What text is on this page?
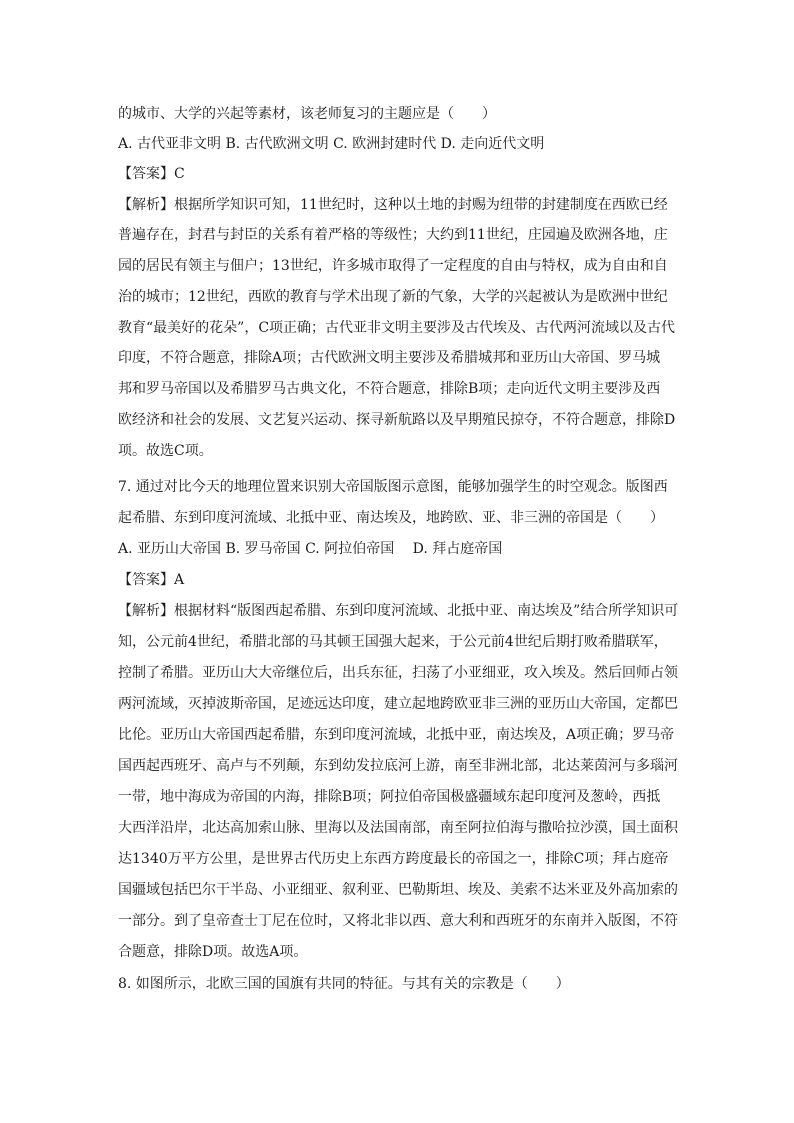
的城市、大学的兴起等素材，该老师复习的主题应是（　　）
A. 古代亚非文明 B. 古代欧洲文明 C. 欧洲封建时代 D. 走向近代文明
【答案】C
【解析】根据所学知识可知，11世纪时，这种以土地的封赐为纽带的封建制度在西欧已经
普遍存在，封君与封臣的关系有着严格的等级性；大约到11世纪，庄园遍及欧洲各地，庄
园的居民有领主与佃户；13世纪，许多城市取得了一定程度的自由与特权，成为自由和自
治的城市；12世纪，西欧的教育与学术出现了新的气象，大学的兴起被认为是欧洲中世纪
教育“最美好的花朵”，C项正确；古代亚非文明主要涉及古代埃及、古代两河流域以及古代
印度，不符合题意，排除A项；古代欧洲文明主要涉及希腊城邦和亚历山大帝国、罗马城
邦和罗马帝国以及希腊罗马古典文化，不符合题意，排除B项；走向近代文明主要涉及西
欧经济和社会的发展、文艺复兴运动、探寻新航路以及早期殖民掠夺，不符合题意，排除D
项。故选C项。
7. 通过对比今天的地理位置来识别大帝国版图示意图，能够加强学生的时空观念。版图西
起希腊、东到印度河流域、北抵中亚、南达埃及，地跨欧、亚、非三洲的帝国是（　　）
A. 亚历山大帝国 B. 罗马帝国 C. 阿拉伯帝国　 D. 拜占庭帝国
【答案】A
【解析】根据材料“版图西起希腊、东到印度河流域、北抵中亚、南达埃及”结合所学知识可
知，公元前4世纪，希腊北部的马其顿王国强大起来，于公元前4世纪后期打败希腊联军，
控制了希腊。亚历山大大帝继位后，出兵东征，扫荡了小亚细亚，攻入埃及。然后回师占领
两河流域，灭掉波斯帝国，足迹远达印度，建立起地跨欧亚非三洲的亚历山大帝国，定都巴
比伦。亚历山大帝国西起希腊，东到印度河流域，北抵中亚，南达埃及，A项正确；罗马帝
国西起西班牙、高卢与不列颠，东到幼发拉底河上游，南至非洲北部，北达莱茵河与多瑙河
一带，地中海成为帝国的内海，排除B项；阿拉伯帝国极盛疆域东起印度河及葱岭，西抵
大西洋沿岸，北达高加索山脉、里海以及法国南部，南至阿拉伯海与撒哈拉沙漠，国土面积
达1340万平方公里，是世界古代历史上东西方跨度最长的帝国之一，排除C项；拜占庭帝
国疆域包括巴尔干半岛、小亚细亚、叙利亚、巴勒斯坦、埃及、美索不达米亚及外高加索的
一部分。到了皇帝查士丁尼在位时，又将北非以西、意大利和西班牙的东南并入版图，不符
合题意，排除D项。故选A项。
8. 如图所示，北欧三国的国旗有共同的特征。与其有关的宗教是（　　）
